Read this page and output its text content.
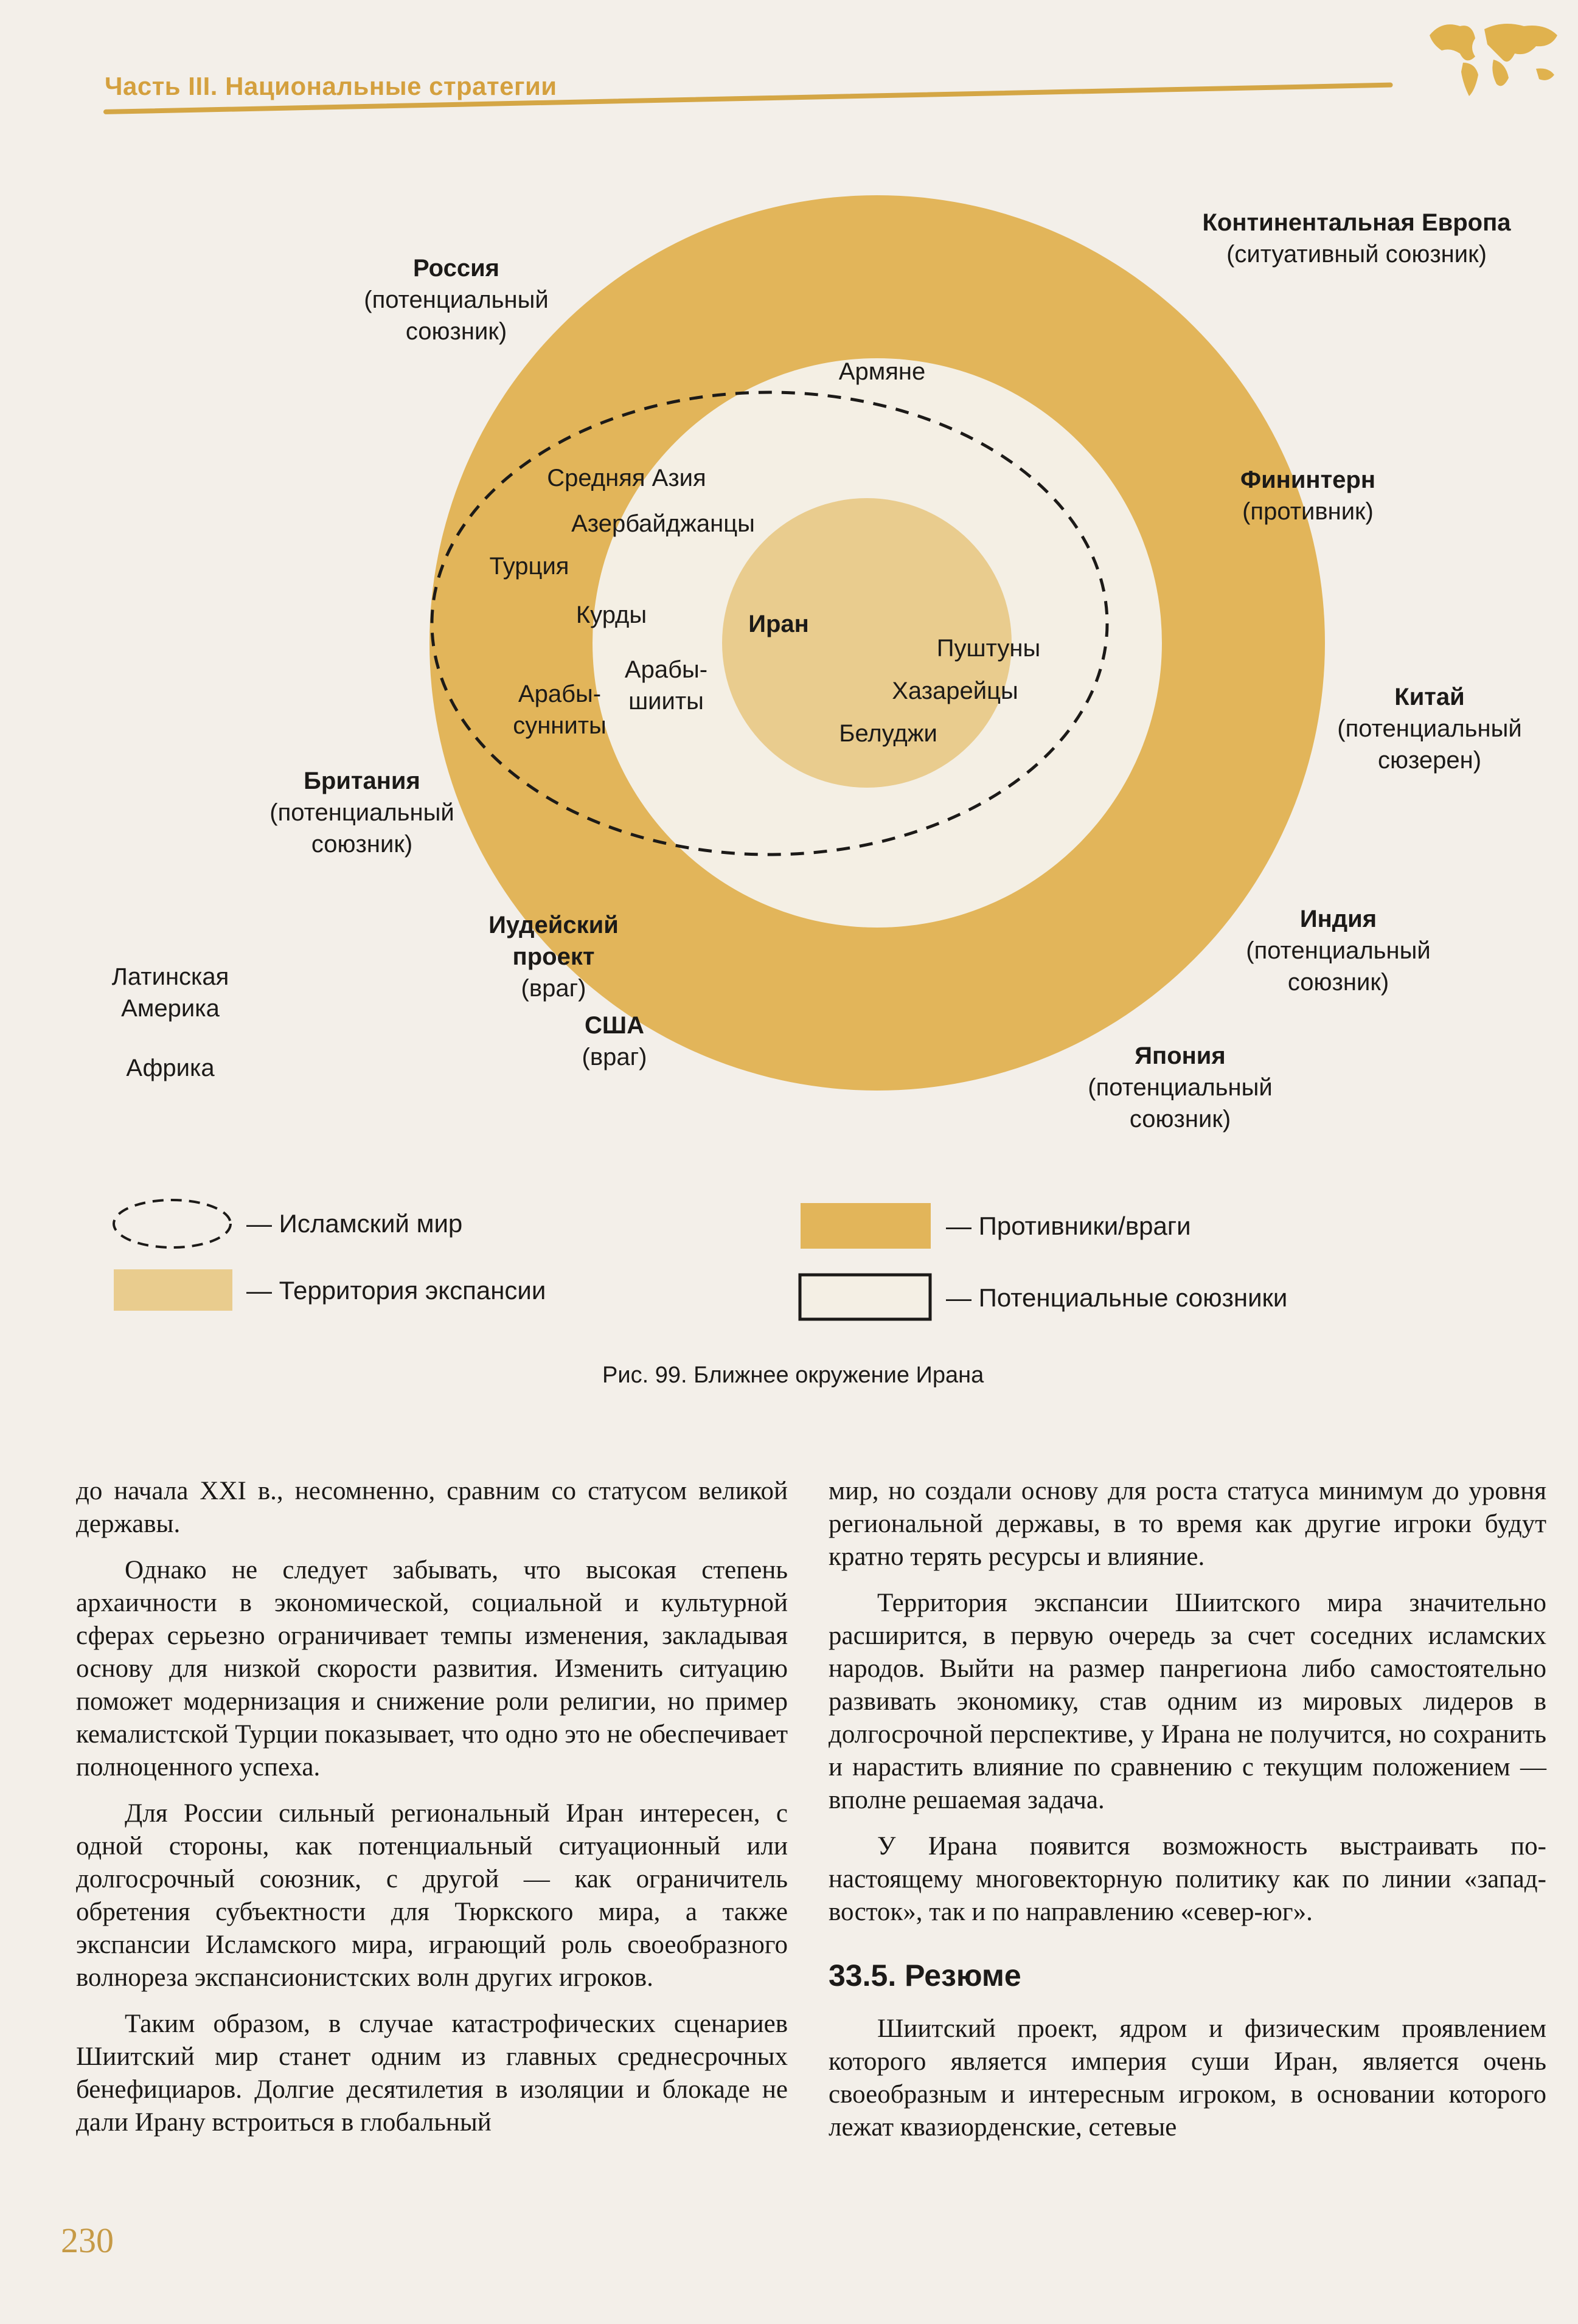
Часть III. Национальные стратегии
Россия
(потенциальный
союзник)
Континентальная Европа
(ситуативный союзник)
Армяне
Средняя Азия
Азербайджанцы
Турция
Курды	Иран
Пуштуны
Хазарейцы
Белуджи
Арабы-
сунниты
Арабы-
шииты
Фининтерн
(противник)
Китай
(потенциальный
сюзерен)
Британия
(потенциальный
союзник)
Иудейский
проект
(враг)
США
(враг)
Индия
(потенциальный
союзник)
Япония
(потенциальный
союзник)
Латинская
Америка
Африка
— Исламский мир
— Территория экспансии
— Противники/враги
— Потенциальные союзники
Рис. 99. Ближнее окружение Ирана

до начала XXI в., несомненно, сравним со статусом великой державы.

Однако не следует забывать, что высокая степень архаичности в экономической, социальной и культурной сферах серьезно ограничивает темпы изменения, закладывая основу для низкой скорости развития. Изменить ситуацию поможет модернизация и снижение роли религии, но пример кемалистской Турции показывает, что одно это не обеспечивает полноценного успеха.

Для России сильный региональный Иран интересен, с одной стороны, как потенциальный ситуационный или долгосрочный союзник, с другой — как ограничитель обретения субъектности для Тюркского мира, а также экспансии Исламского мира, играющий роль своеобразного волнореза экспансионистских волн других игроков.

Таким образом, в случае катастрофических сценариев Шиитский мир станет одним из главных среднесрочных бенефициаров. Долгие десятилетия в изоляции и блокаде не дали Ирану встроиться в глобальный

мир, но создали основу для роста статуса минимум до уровня региональной державы, в то время как другие игроки будут кратно терять ресурсы и влияние.

Территория экспансии Шиитского мира значительно расширится, в первую очередь за счет соседних исламских народов. Выйти на размер панрегиона либо самостоятельно развивать экономику, став одним из мировых лидеров в долгосрочной перспективе, у Ирана не получится, но сохранить и нарастить влияние по сравнению с текущим положением — вполне решаемая задача.

У Ирана появится возможность выстраивать по-настоящему многовекторную политику как по линии «запад-восток», так и по направлению «север-юг».

33.5. Резюме

Шиитский проект, ядром и физическим проявлением которого является империя суши Иран, является очень своеобразным и интересным игроком, в основании которого лежат квазиорденские, сетевые

230
